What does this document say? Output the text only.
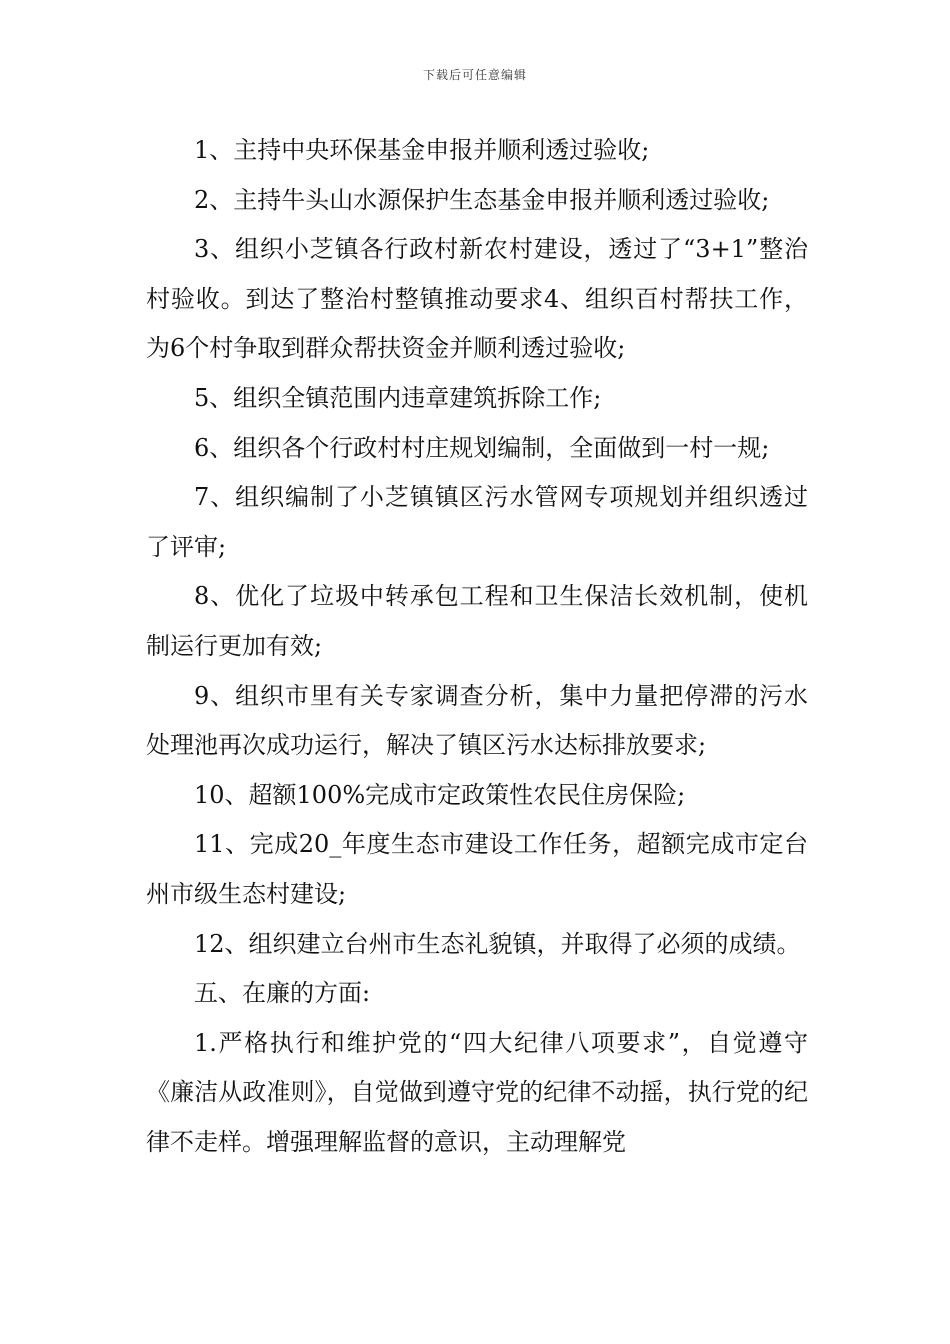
下载后可任意编辑

1、主持中央环保基金申报并顺利透过验收;

2、主持牛头山水源保护生态基金申报并顺利透过验收;

3、组织小芝镇各行政村新农村建设，透过了“3+1”整治村验收。到达了整治村整镇推动要求4、组织百村帮扶工作，为6个村争取到群众帮扶资金并顺利透过验收;

5、组织全镇范围内违章建筑拆除工作;

6、组织各个行政村村庄规划编制，全面做到一村一规;

7、组织编制了小芝镇镇区污水管网专项规划并组织透过了评审;

8、优化了垃圾中转承包工程和卫生保洁长效机制，使机制运行更加有效;

9、组织市里有关专家调查分析，集中力量把停滞的污水处理池再次成功运行，解决了镇区污水达标排放要求;

10、超额100%完成市定政策性农民住房保险;

11、完成20_年度生态市建设工作任务，超额完成市定台州市级生态村建设;

12、组织建立台州市生态礼貌镇，并取得了必须的成绩。

五、在廉的方面:

1.严格执行和维护党的“四大纪律八项要求”，自觉遵守《廉洁从政准则》，自觉做到遵守党的纪律不动摇，执行党的纪律不走样。增强理解监督的意识，主动理解党
